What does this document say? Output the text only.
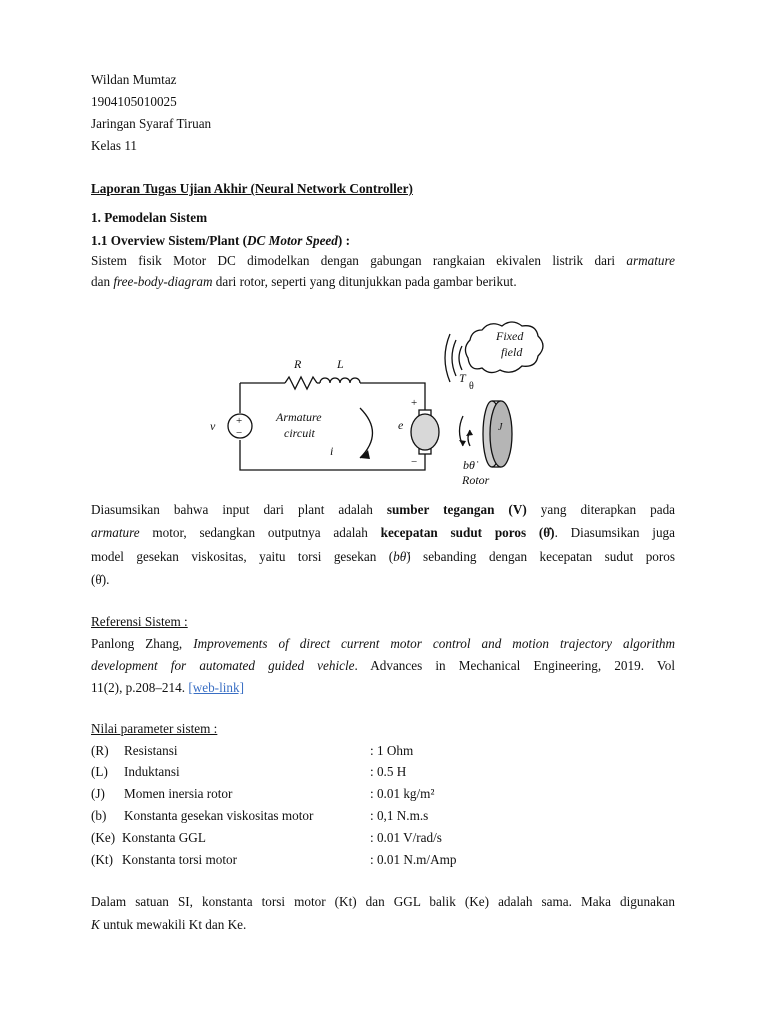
Wildan Mumtaz
1904105010025
Jaringan Syaraf Tiruan
Kelas 11
Laporan Tugas Ujian Akhir (Neural Network Controller)
1. Pemodelan Sistem
1.1 Overview Sistem/Plant (DC Motor Speed) :
Sistem fisik Motor DC dimodelkan dengan gabungan rangkaian ekivalen listrik dari armature
dan free-body-diagram dari rotor, seperti yang ditunjukkan pada gambar berikut.
R	L
v +
−
Armature
circuit
i
e
+
−
Fixed
field
T
θ
J
bθ̇
Rotor
Diasumsikan bahwa input dari plant adalah sumber tegangan (V) yang diterapkan pada
armature motor, sedangkan outputnya adalah kecepatan sudut poros (θ̇). Diasumsikan juga
model gesekan viskositas, yaitu torsi gesekan (bθ̇) sebanding dengan kecepatan sudut poros
(θ̇).
Referensi Sistem :
Panlong Zhang, Improvements of direct current motor control and motion trajectory algorithm
development for automated guided vehicle. Advances in Mechanical Engineering, 2019. Vol
11(2), p.208–214. [web-link]
Nilai parameter sistem :
(R) Resistansi	: 1 Ohm
(L) Induktansi	: 0.5 H
(J) Momen inersia rotor	: 0.01 kg/m²
(b) Konstanta gesekan viskositas motor	: 0,1 N.m.s
(Ke) Konstanta GGL	: 0.01 V/rad/s
(Kt) Konstanta torsi motor	: 0.01 N.m/Amp
Dalam satuan SI, konstanta torsi motor (Kt) dan GGL balik (Ke) adalah sama. Maka digunakan
K untuk mewakili Kt dan Ke.
